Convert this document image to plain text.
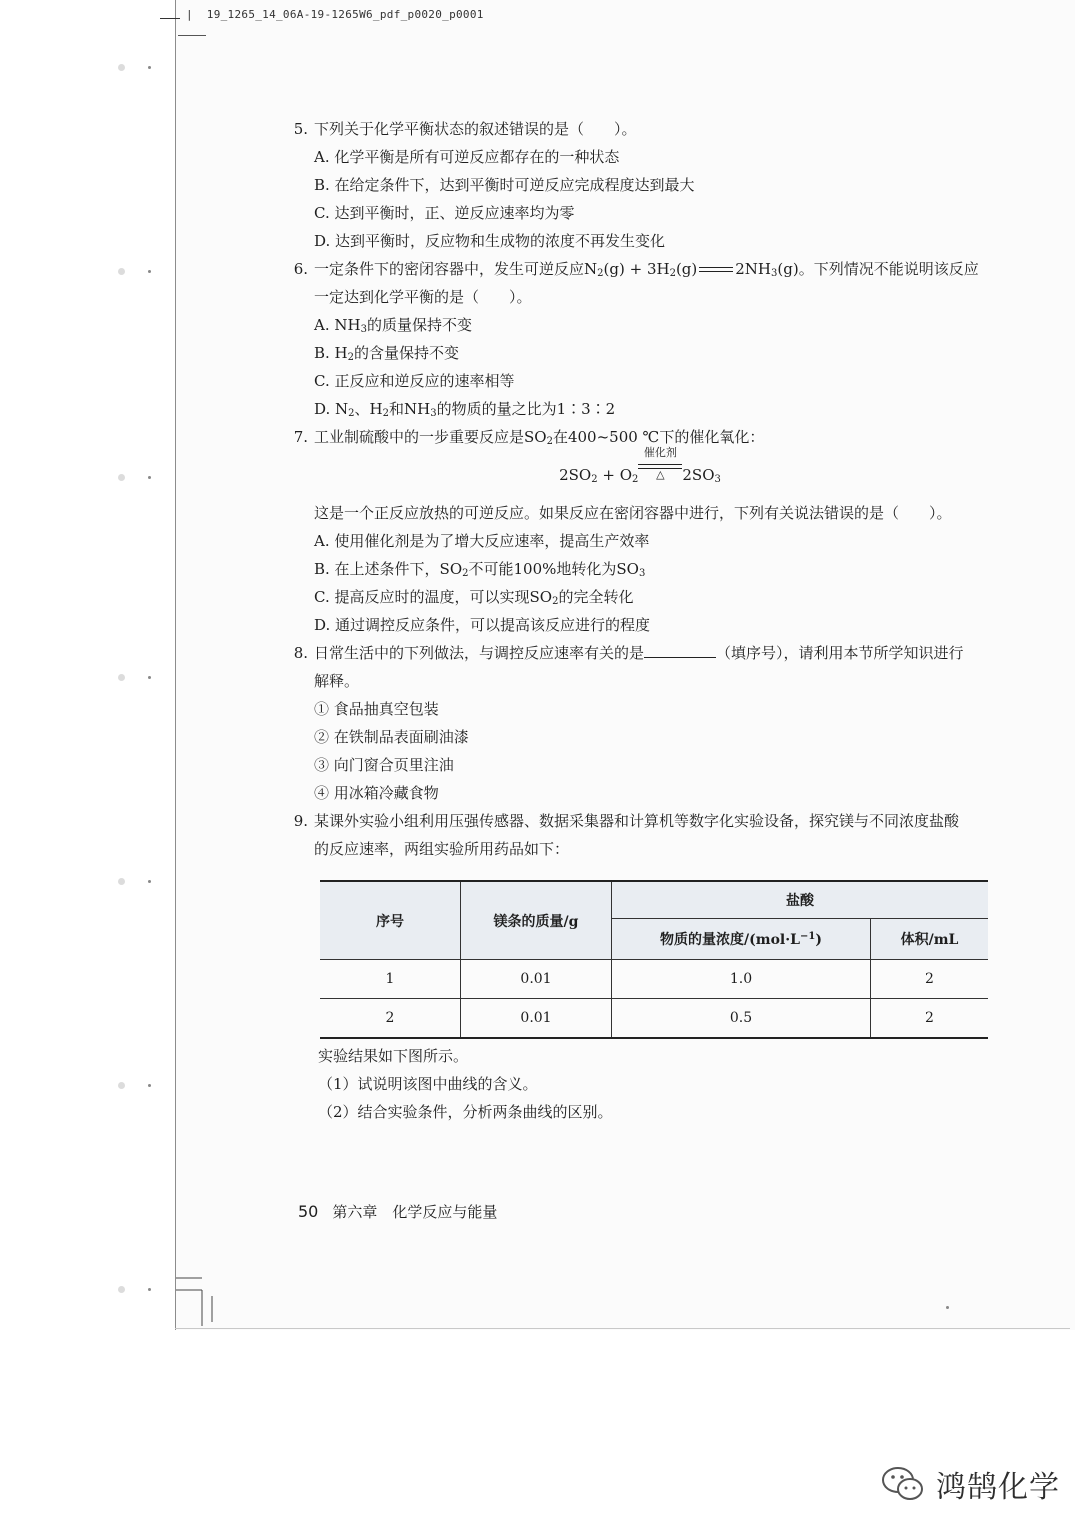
|  19_1265_14_06A-19-1265W6_pdf_p0020_p0001
5. 下列关于化学平衡状态的叙述错误的是（　　）。
A. 化学平衡是所有可逆反应都存在的一种状态
B. 在给定条件下，达到平衡时可逆反应完成程度达到最大
C. 达到平衡时，正、逆反应速率均为零
D. 达到平衡时，反应物和生成物的浓度不再发生变化
6. 一定条件下的密闭容器中，发生可逆反应$N_2(g) + 3H_2(g)$	$2NH_3(g)$。下列情况不能说明该反应
一定达到化学平衡的是（　　）。
A. $NH_3$的质量保持不变
B. $H_2$的含量保持不变
C. 正反应和逆反应的速率相等
D. $N_2$、$H_2$和$NH_3$的物质的量之比为1∶3∶2
7. 工业制硫酸中的一步重要反应是$SO_2$在400~500 ℃下的催化氧化：
$2SO_2 + O_2$
催化剂
△	$2SO_3$
这是一个正反应放热的可逆反应。如果反应在密闭容器中进行，下列有关说法错误的是（　　）。
A. 使用催化剂是为了增大反应速率，提高生产效率
B. 在上述条件下，$SO_2$不可能100%地转化为$SO_3$
C. 提高反应时的温度，可以实现$SO_2$的完全转化
D. 通过调控反应条件，可以提高该反应进行的程度
8. 日常生活中的下列做法，与调控反应速率有关的是	（填序号），请利用本节所学知识进行
解释。
① 食品抽真空包装
② 在铁制品表面刷油漆
③ 向门窗合页里注油
④ 用冰箱冷藏食物
9. 某课外实验小组利用压强传感器、数据采集器和计算机等数字化实验设备，探究镁与不同浓度盐酸
的反应速率，两组实验所用药品如下：
序号	镁条的质量/g	盐酸	
		物质的量浓度$/(mol\cdot L^{-1})$	体积/mL
1	0.01	1.0	2
2	0.01	0.5	2
实验结果如下图所示。
（1）试说明该图中曲线的含义。
（2）结合实验条件，分析两条曲线的区别。
50 第六章　化学反应与能量
鸿鹄化学
